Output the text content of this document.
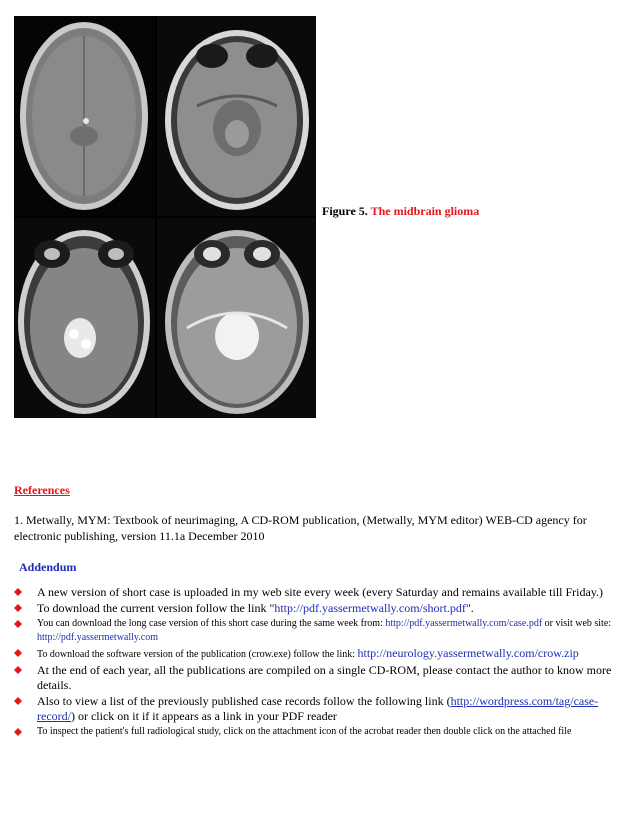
Figure 5. The midbrain glioma
References
1. Metwally, MYM: Textbook of neurimaging, A CD-ROM publication, (Metwally, MYM editor) WEB-CD agency for electronic publishing, version 11.1a December 2010
Addendum
A new version of short case is uploaded in my web site every week (every Saturday and remains available till Friday.)
To download the current version follow the link "http://pdf.yassermetwally.com/short.pdf".
You can download the long case version of this short case during the same week from: http://pdf.yassermetwally.com/case.pdf or visit web site: http://pdf.yassermetwally.com
To download the software version of the publication (crow.exe) follow the link: http://neurology.yassermetwally.com/crow.zip
At the end of each year, all the publications are compiled on a single CD-ROM, please contact the author to know more details.
Also to view a list of the previously published case records follow the following link (http://wordpress.com/tag/case-record/) or click on it if it appears as a link in your PDF reader
To inspect the patient's full radiological study, click on the attachment icon of the acrobat reader then double click on the attached file
